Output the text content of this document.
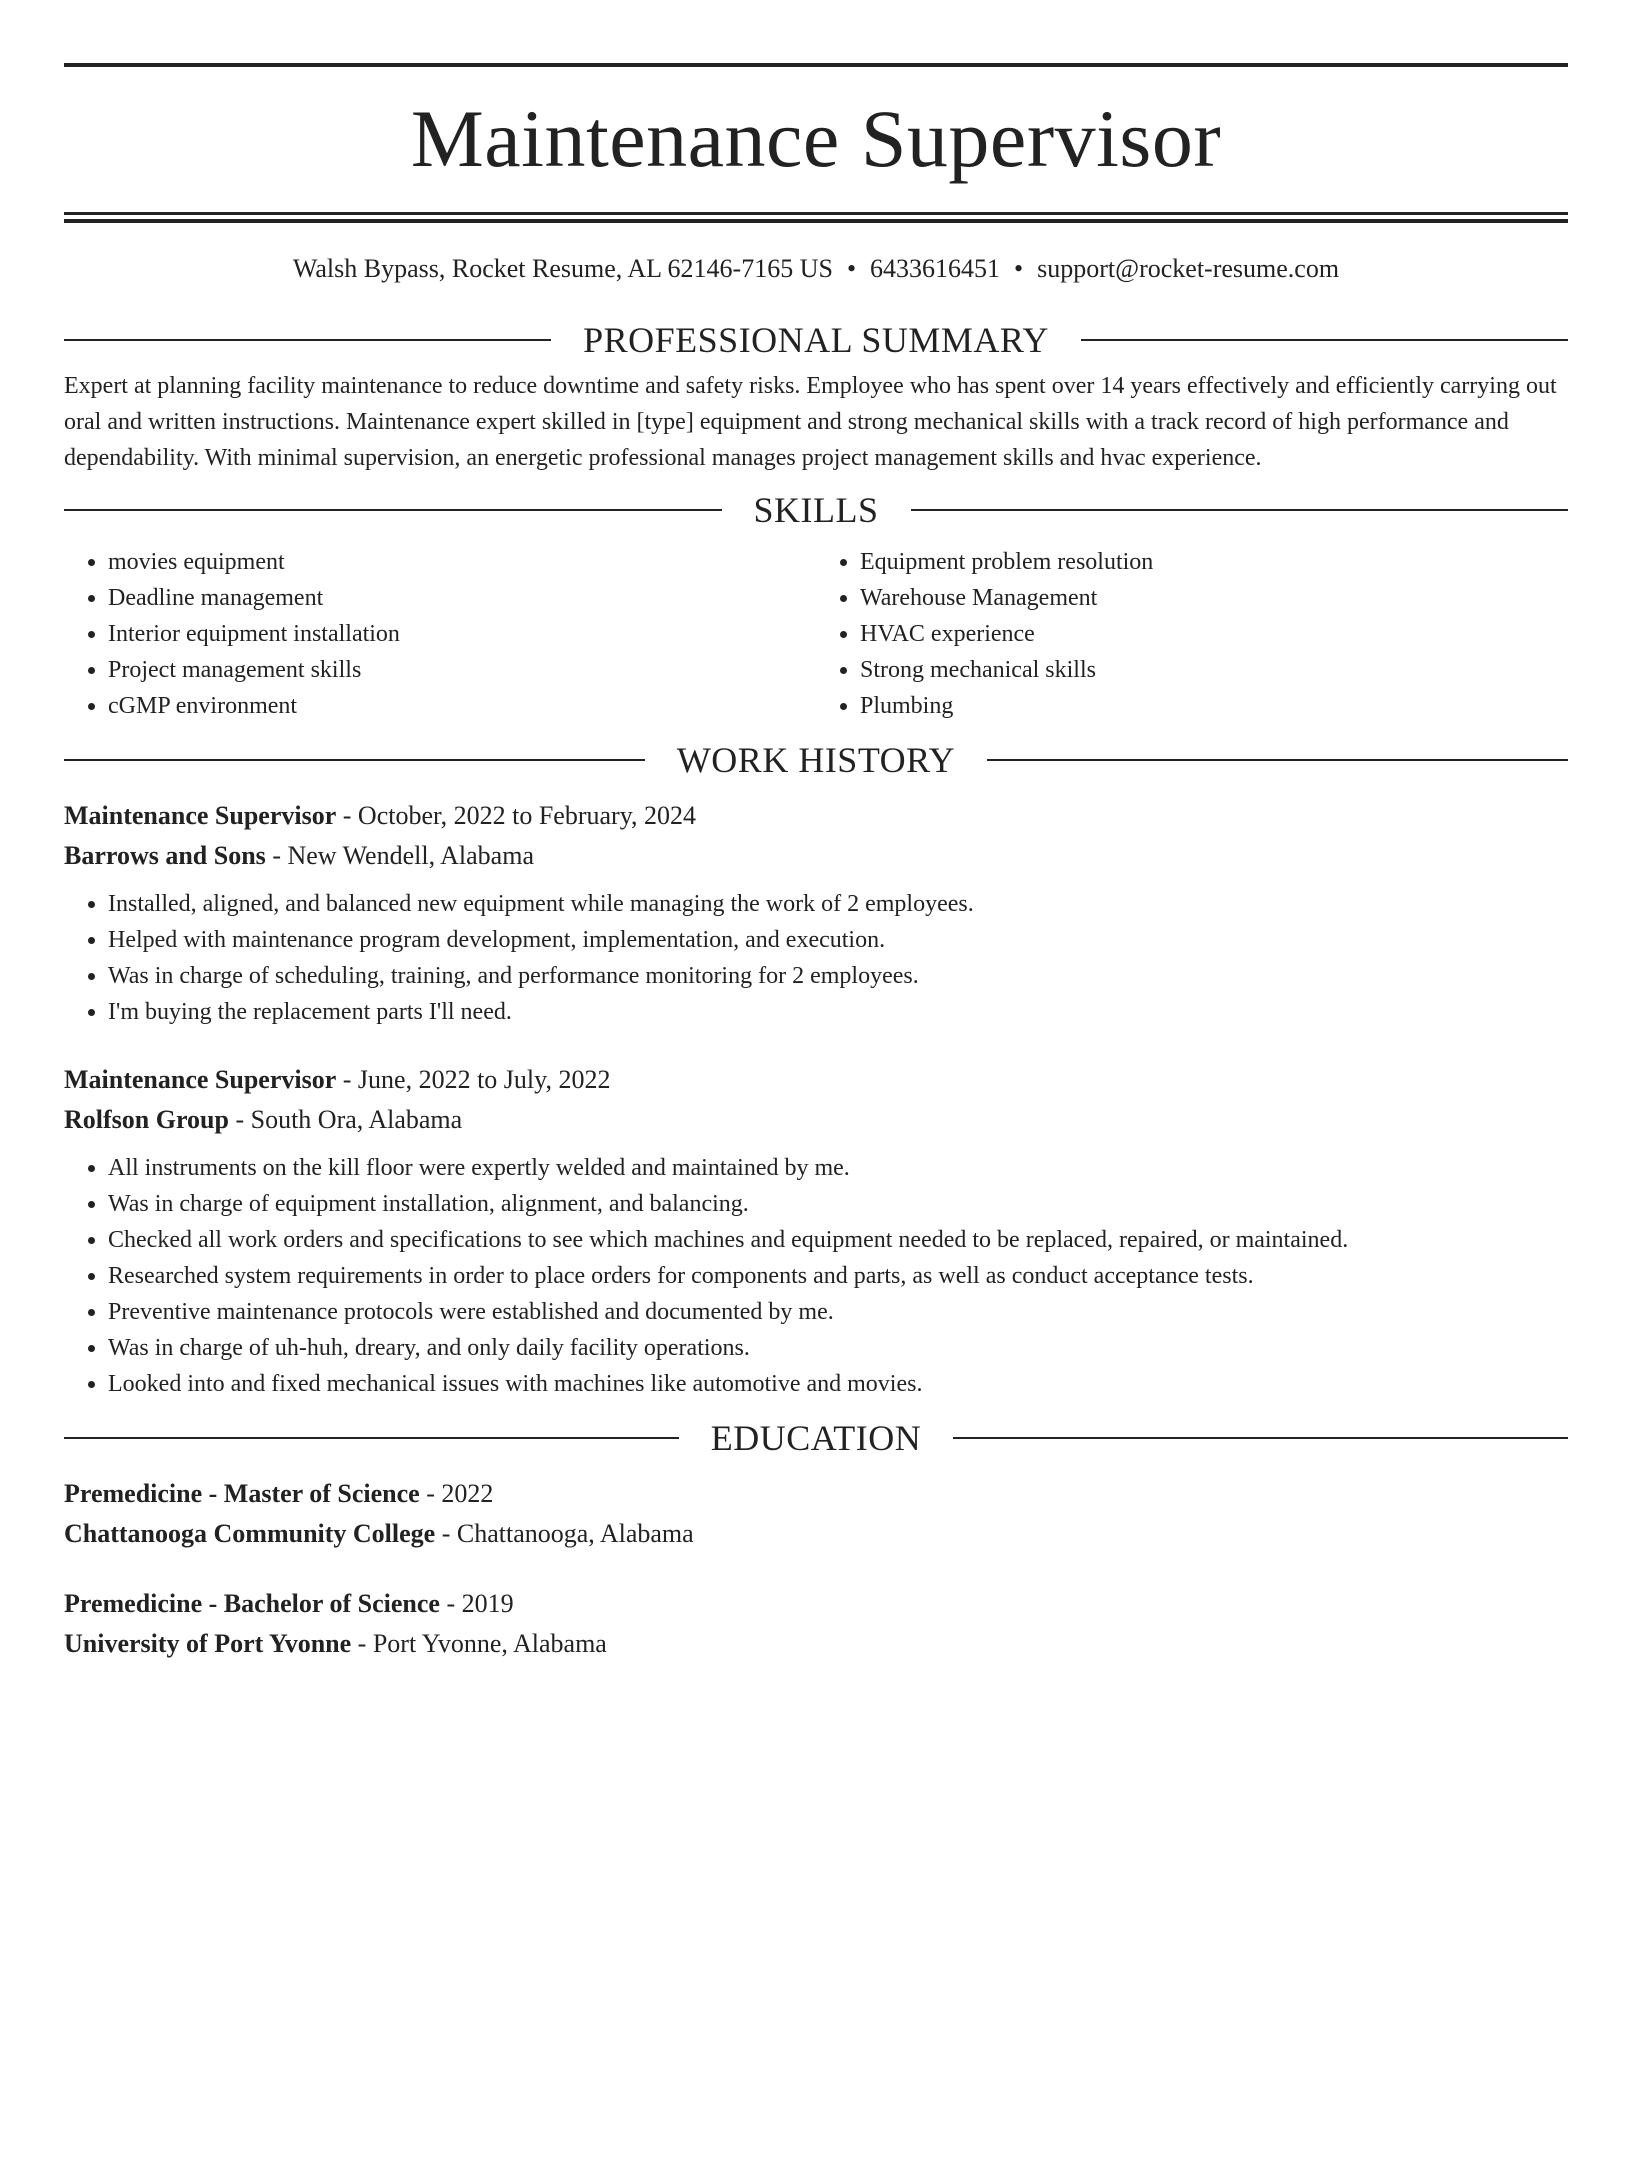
Maintenance Supervisor
Walsh Bypass, Rocket Resume, AL 62146-7165 US • 6433616451 • support@rocket-resume.com
PROFESSIONAL SUMMARY
Expert at planning facility maintenance to reduce downtime and safety risks. Employee who has spent over 14 years effectively and efficiently carrying out oral and written instructions. Maintenance expert skilled in [type] equipment and strong mechanical skills with a track record of high performance and dependability. With minimal supervision, an energetic professional manages project management skills and hvac experience.
SKILLS
• movies equipment
• Deadline management
• Interior equipment installation
• Project management skills
• cGMP environment
• Equipment problem resolution
• Warehouse Management
• HVAC experience
• Strong mechanical skills
• Plumbing
WORK HISTORY
Maintenance Supervisor - October, 2022 to February, 2024
Barrows and Sons - New Wendell, Alabama
• Installed, aligned, and balanced new equipment while managing the work of 2 employees.
• Helped with maintenance program development, implementation, and execution.
• Was in charge of scheduling, training, and performance monitoring for 2 employees.
• I'm buying the replacement parts I'll need.
Maintenance Supervisor - June, 2022 to July, 2022
Rolfson Group - South Ora, Alabama
• All instruments on the kill floor were expertly welded and maintained by me.
• Was in charge of equipment installation, alignment, and balancing.
• Checked all work orders and specifications to see which machines and equipment needed to be replaced, repaired, or maintained.
• Researched system requirements in order to place orders for components and parts, as well as conduct acceptance tests.
• Preventive maintenance protocols were established and documented by me.
• Was in charge of uh-huh, dreary, and only daily facility operations.
• Looked into and fixed mechanical issues with machines like automotive and movies.
EDUCATION
Premedicine - Master of Science - 2022
Chattanooga Community College - Chattanooga, Alabama
Premedicine - Bachelor of Science - 2019
University of Port Yvonne - Port Yvonne, Alabama
